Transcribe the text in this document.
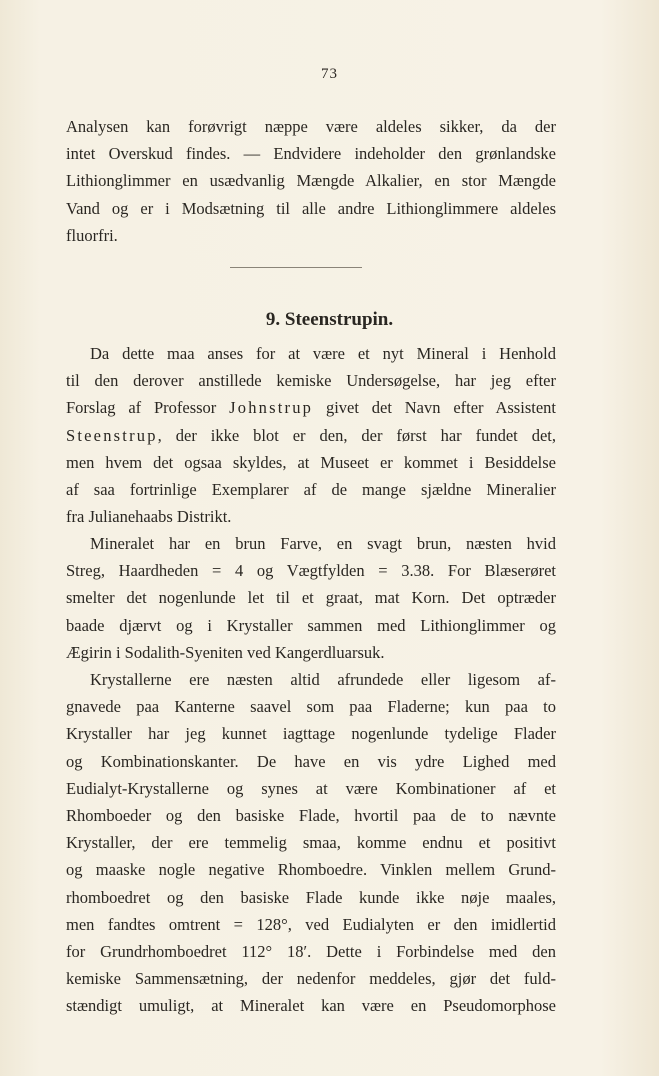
73
Analysen kan forøvrigt næppe være aldeles sikker, da der
intet Overskud findes. — Endvidere indeholder den grønlandske
Lithionglimmer en usædvanlig Mængde Alkalier, en stor Mængde
Vand og er i Modsætning til alle andre Lithionglimmere aldeles
fluorfri.
9. Steenstrupin.
Da dette maa anses for at være et nyt Mineral i Henhold
til den derover anstillede kemiske Undersøgelse, har jeg efter
Forslag af Professor Johnstrup givet det Navn efter Assistent
Steenstrup, der ikke blot er den, der først har fundet det,
men hvem det ogsaa skyldes, at Museet er kommet i Besiddelse
af saa fortrinlige Exemplarer af de mange sjældne Mineralier
fra Julianehaabs Distrikt.
Mineralet har en brun Farve, en svagt brun, næsten hvid
Streg, Haardheden = 4 og Vægtfylden = 3.38. For Blæserøret
smelter det nogenlunde let til et graat, mat Korn. Det optræder
baade djærvt og i Krystaller sammen med Lithionglimmer og
Ægirin i Sodalith-Syeniten ved Kangerdluarsuk.
Krystallerne ere næsten altid afrundede eller ligesom af-
gnavede paa Kanterne saavel som paa Fladerne; kun paa to
Krystaller har jeg kunnet iagttage nogenlunde tydelige Flader
og Kombinationskanter. De have en vis ydre Lighed med
Eudialyt-Krystallerne og synes at være Kombinationer af et
Rhomboeder og den basiske Flade, hvortil paa de to nævnte
Krystaller, der ere temmelig smaa, komme endnu et positivt
og maaske nogle negative Rhomboedre. Vinklen mellem Grund-
rhomboedret og den basiske Flade kunde ikke nøje maales,
men fandtes omtrent = 128°, ved Eudialyten er den imidlertid
for Grundrhomboedret 112° 18′. Dette i Forbindelse med den
kemiske Sammensætning, der nedenfor meddeles, gjør det fuld-
stændigt umuligt, at Mineralet kan være en Pseudomorphose
